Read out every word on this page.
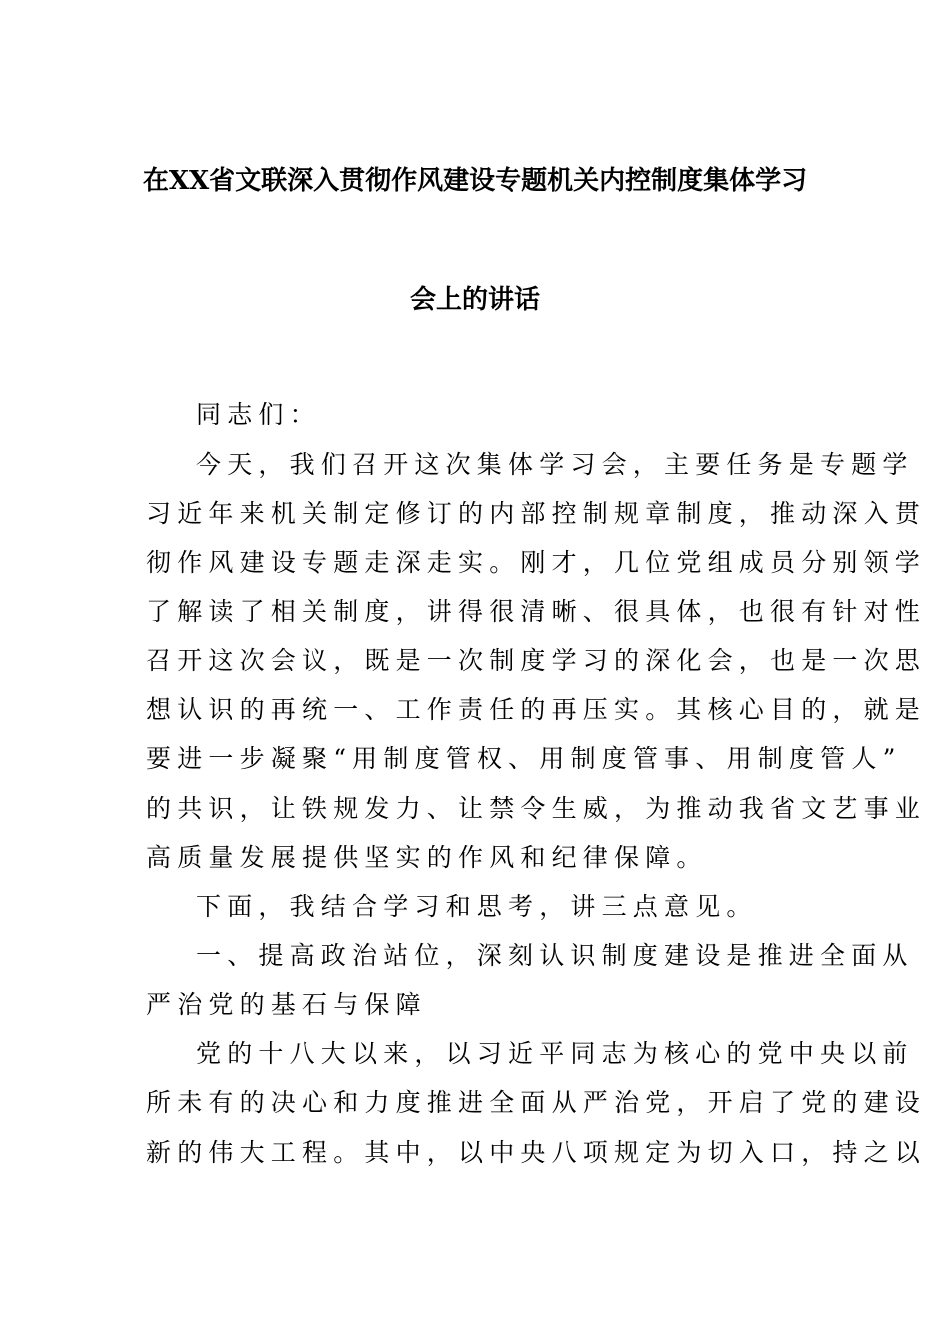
在XX省文联深入贯彻作风建设专题机关内控制度集体学习
会上的讲话
同志们：
今天，我们召开这次集体学习会，主要任务是专题学
习近年来机关制定修订的内部控制规章制度，推动深入贯
彻作风建设专题走深走实。刚才，几位党组成员分别领学
了解读了相关制度，讲得很清晰、很具体，也很有针对性
召开这次会议，既是一次制度学习的深化会，也是一次思
想认识的再统一、工作责任的再压实。其核心目的，就是
要进一步凝聚“用制度管权、用制度管事、用制度管人”
的共识，让铁规发力、让禁令生威，为推动我省文艺事业
高质量发展提供坚实的作风和纪律保障。
下面，我结合学习和思考，讲三点意见。
一、提高政治站位，深刻认识制度建设是推进全面从
严治党的基石与保障
党的十八大以来，以习近平同志为核心的党中央以前
所未有的决心和力度推进全面从严治党，开启了党的建设
新的伟大工程。其中，以中央八项规定为切入口，持之以
